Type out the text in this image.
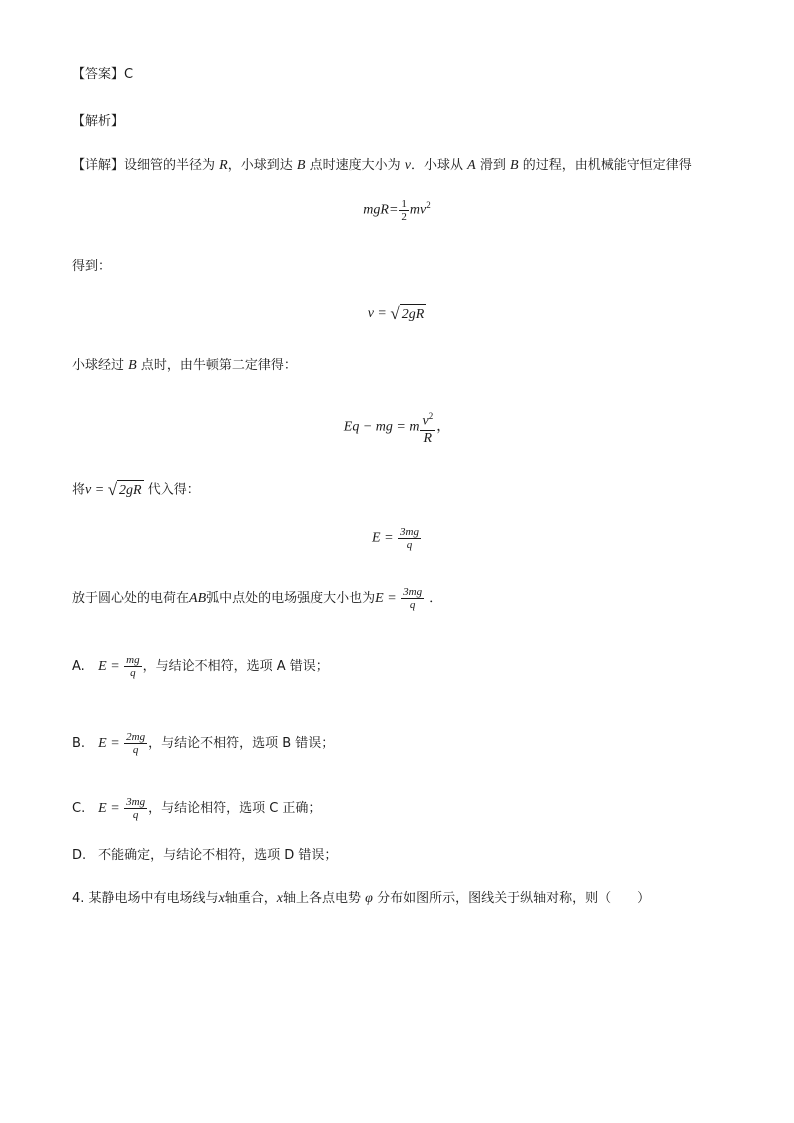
【答案】C
【解析】
【详解】设细管的半径为 R，小球到达 B 点时速度大小为 v．小球从 A 滑到 B 的过程，由机械能守恒定律得
$mgR= \frac{1}{2} mv^2$
得到：
v = √ 2gR
小球经过 B 点时，由牛顿第二定律得：
Eq − mg = m $\frac{v^2}{R}$ ，
将v = √ 2gR 代入得：
$E = \frac{3mg}{q}$
放于圆心处的电荷在AB弧中点处的电场强度大小也为$E = \frac{3mg}{q}$ ．
A. $E = \frac{mg}{q}$ ，与结论不相符，选项 A 错误；
B. $E = \frac{2mg}{q}$ ，与结论不相符，选项 B 错误；
C. $E = \frac{3mg}{q}$ ，与结论相符，选项 C 正确；
D. 不能确定，与结论不相符，选项 D 错误；
4. 某静电场中有电场线与x轴重合，x轴上各点电势 φ 分布如图所示，图线关于纵轴对称，则（　　）
